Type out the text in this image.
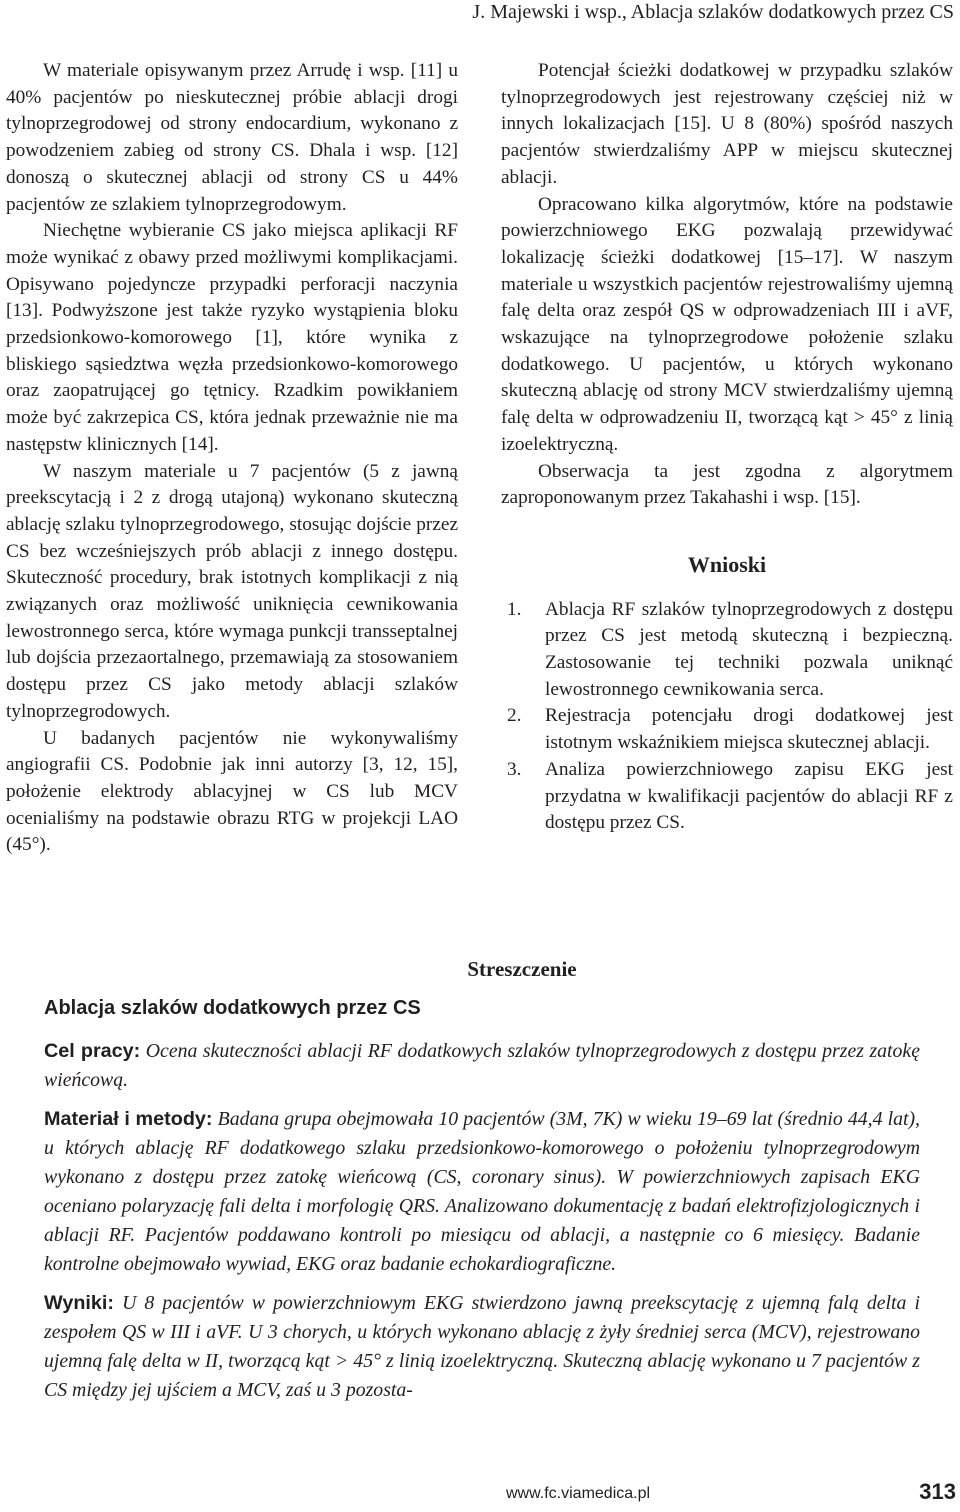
J. Majewski i wsp., Ablacja szlaków dodatkowych przez CS

W materiale opisywanym przez Arrudę i wsp. [11] u 40% pacjentów po nieskutecznej próbie ablacji drogi tylnoprzegrodowej od strony endocardium, wykonano z powodzeniem zabieg od strony CS. Dhala i wsp. [12] donoszą o skutecznej ablacji od strony CS u 44% pacjentów ze szlakiem tylnoprzegrodowym.

Niechętne wybieranie CS jako miejsca aplikacji RF może wynikać z obawy przed możliwymi komplikacjami. Opisywano pojedyncze przypadki perforacji naczynia [13]. Podwyższone jest także ryzyko wystąpienia bloku przedsionkowo-komorowego [1], które wynika z bliskiego sąsiedztwa węzła przedsionkowo-komorowego oraz zaopatrującej go tętnicy. Rzadkim powikłaniem może być zakrzepica CS, która jednak przeważnie nie ma następstw klinicznych [14].

W naszym materiale u 7 pacjentów (5 z jawną preekscytacją i 2 z drogą utajoną) wykonano skuteczną ablację szlaku tylnoprzegrodowego, stosując dojście przez CS bez wcześniejszych prób ablacji z innego dostępu. Skuteczność procedury, brak istotnych komplikacji z nią związanych oraz możliwość uniknięcia cewnikowania lewostronnego serca, które wymaga punkcji transseptalnej lub dojścia przezaortalnego, przemawiają za stosowaniem dostępu przez CS jako metody ablacji szlaków tylnoprzegrodowych.

U badanych pacjentów nie wykonywaliśmy angiografii CS. Podobnie jak inni autorzy [3, 12, 15], położenie elektrody ablacyjnej w CS lub MCV ocenialiśmy na podstawie obrazu RTG w projekcji LAO (45°).

Potencjał ścieżki dodatkowej w przypadku szlaków tylnoprzegrodowych jest rejestrowany częściej niż w innych lokalizacjach [15]. U 8 (80%) spośród naszych pacjentów stwierdzaliśmy APP w miejscu skutecznej ablacji.

Opracowano kilka algorytmów, które na podstawie powierzchniowego EKG pozwalają przewidywać lokalizację ścieżki dodatkowej [15–17]. W naszym materiale u wszystkich pacjentów rejestrowaliśmy ujemną falę delta oraz zespół QS w odprowadzeniach III i aVF, wskazujące na tylnoprzegrodowe położenie szlaku dodatkowego. U pacjentów, u których wykonano skuteczną ablację od strony MCV stwierdzaliśmy ujemną falę delta w odprowadzeniu II, tworzącą kąt > 45° z linią izoelektryczną.

Obserwacja ta jest zgodna z algorytmem zaproponowanym przez Takahashi i wsp. [15].

Wnioski
1. Ablacja RF szlaków tylnoprzegrodowych z dostępu przez CS jest metodą skuteczną i bezpieczną. Zastosowanie tej techniki pozwala uniknąć lewostronnego cewnikowania serca.
2. Rejestracja potencjału drogi dodatkowej jest istotnym wskaźnikiem miejsca skutecznej ablacji.
3. Analiza powierzchniowego zapisu EKG jest przydatna w kwalifikacji pacjentów do ablacji RF z dostępu przez CS.
Streszczenie
Ablacja szlaków dodatkowych przez CS

Cel pracy: Ocena skuteczności ablacji RF dodatkowych szlaków tylnoprzegrodowych z dostępu przez zatokę wieńcową.

Materiał i metody: Badana grupa obejmowała 10 pacjentów (3M, 7K) w wieku 19–69 lat (średnio 44,4 lat), u których ablację RF dodatkowego szlaku przedsionkowo-komorowego o położeniu tylnoprzegrodowym wykonano z dostępu przez zatokę wieńcową (CS, coronary sinus). W powierzchniowych zapisach EKG oceniano polaryzację fali delta i morfologię QRS. Analizowano dokumentację z badań elektrofizjologicznych i ablacji RF. Pacjentów poddawano kontroli po miesiącu od ablacji, a następnie co 6 miesięcy. Badanie kontrolne obejmowało wywiad, EKG oraz badanie echokardiograficzne.

Wyniki: U 8 pacjentów w powierzchniowym EKG stwierdzono jawną preekscytację z ujemną falą delta i zespołem QS w III i aVF. U 3 chorych, u których wykonano ablację z żyły średniej serca (MCV), rejestrowano ujemną falę delta w II, tworzącą kąt > 45° z linią izoelektryczną. Skuteczną ablację wykonano u 7 pacjentów z CS między jej ujściem a MCV, zaś u 3 pozosta-

www.fc.viamedica.pl	313
